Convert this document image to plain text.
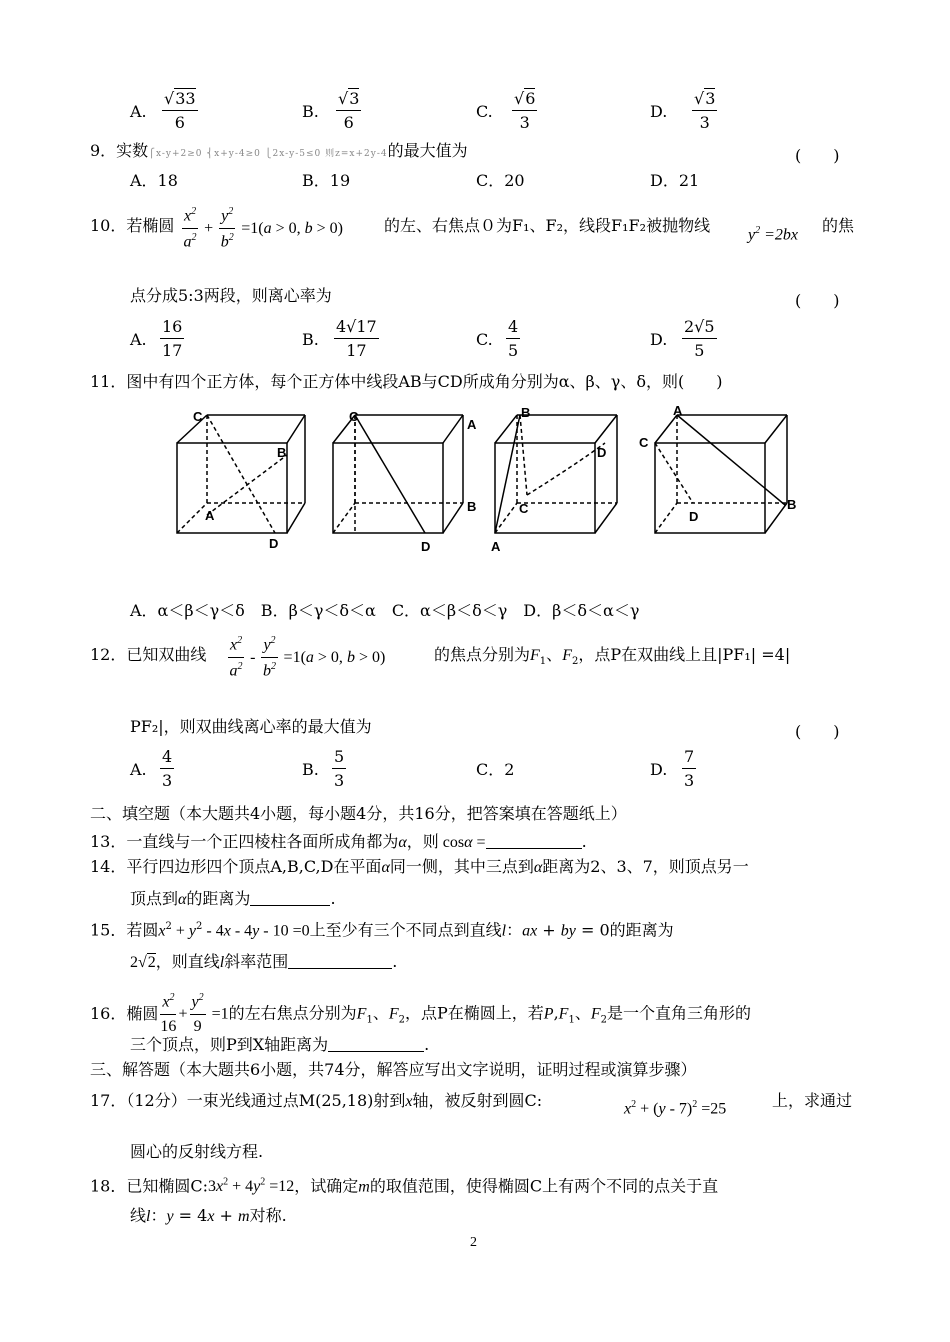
A. $\frac{√33}{6}$	B. $\frac{√3}{6}$	C. $\frac{√6}{3}$	D. $\frac{√3}{3}$
9．实数⎧x-y+2≥0 ⎨x+y-4≥0 ⎩2x-y-5≤0 则z=x+2y-4的最大值为	(　　)
A．18	B．19	C．20	D．21
10．若椭圆 $\frac{x^2}{a^2} + \frac{y^2}{b^2} =1(a > 0$, b > 0)	的左、右焦点０为F₁、F₂，线段F₁F₂被抛物线 $y^2 =2bx$ 的焦
点分成5:3两段，则离心率为	(　　)
A. $\frac{16}{17}$	B. $\frac{4√17}{17}$	C. $\frac{4}{5}$	D. $\frac{2√5}{5}$
11．图中有四个正方体，每个正方体中线段AB与CD所成角分别为α、β、γ、δ，则(　　)
C
B
A
D
C
A
B
D
B
D
C
A
A
C
B
D
A．α＜β＜γ＜δ　B．β＜γ＜δ＜α　C．α＜β＜δ＜γ　D．β＜δ＜α＜γ
12．已知双曲线 $\frac{x^2}{a^2} - \frac{y^2}{b^2} =1(a > 0$, b > 0)	的焦点分别为$F_1$、$F_2$，点P在双曲线上且|PF₁| =4|
PF₂|，则双曲线离心率的最大值为	(　　)
A. $\frac{4}{3}$	B. $\frac{5}{3}$	C．2	D. $\frac{7}{3}$
二、填空题（本大题共4小题，每小题4分，共16分，把答案填在答题纸上）
13．一直线与一个正四棱柱各面所成角都为α，则 cosα =	.
14．平行四边形四个顶点A,B,C,D在平面α同一侧，其中三点到α距离为2、3、7，则顶点另一
顶点到α的距离为	.
15．若圆$x^2 + y^2 - 4x - 4y - 10 =0$上至少有三个不同点到直线l：ax + by = 0的距离为
2√2，则直线l斜率范围	.
16．椭圆 $\frac{x^2}{16} + \frac{y^2}{9} =1$的左右焦点分别为$F_1$、$F_2$，点P在椭圆上，若$P,F_1$、$F_2$是一个直角三角形的
三个顶点，则P到X轴距离为	.
三、解答题（本大题共6小题，共74分，解答应写出文字说明，证明过程或演算步骤）
17．（12分）一束光线通过点M(25,18)射到x轴，被反射到圆C:	$x^2 + (y - 7)^2 =25$	上，求通过
圆心的反射线方程.
18．已知椭圆$C:3x^2 + 4y^2 =12$，试确定m的取值范围，使得椭圆C上有两个不同的点关于直
线l：y = 4x + m对称.
2
